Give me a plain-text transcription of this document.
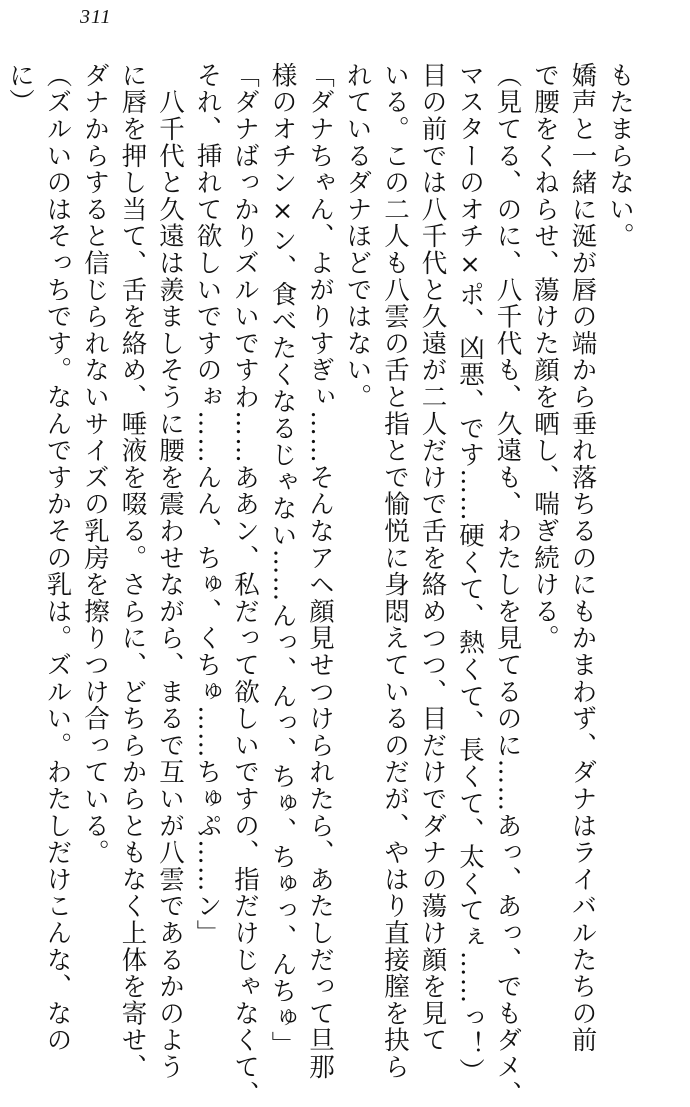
311
もたまらない。
嬌声と一緒に涎が唇の端から垂れ落ちるのにもかまわず、ダナはライバルたちの前
で腰をくねらせ、蕩けた顔を晒し、喘ぎ続ける。
（見てる、のに、八千代も、久遠も、わたしを見てるのに……あっ、あっ、でもダメ、
マスターのオチ×ポ、凶悪、です……硬くて、熱くて、長くて、太くてぇ……っ！）
目の前では八千代と久遠が二人だけで舌を絡めつつ、目だけでダナの蕩け顔を見て
いる。この二人も八雲の舌と指とで愉悦に身悶えているのだが、やはり直接膣を抉ら
れているダナほどではない。
「ダナちゃん、よがりすぎぃ……そんなアヘ顔見せつけられたら、あたしだって旦那
様のオチン×ン、食べたくなるじゃない……んっ、んっ、ちゅ、ちゅっ、んちゅ」
「ダナばっかりズルいですわ……ああン、私だって欲しいですの、指だけじゃなくて、
それ、挿れて欲しいですのぉ……んん、ちゅ、くちゅ……ちゅぷ……ン」
　八千代と久遠は羨ましそうに腰を震わせながら、まるで互いが八雲であるかのよう
に唇を押し当て、舌を絡め、唾液を啜る。さらに、どちらからともなく上体を寄せ、
ダナからすると信じられないサイズの乳房を擦りつけ合っている。
（ズルいのはそっちです。なんですかその乳は。ズルい。わたしだけこんな、なの
に）
